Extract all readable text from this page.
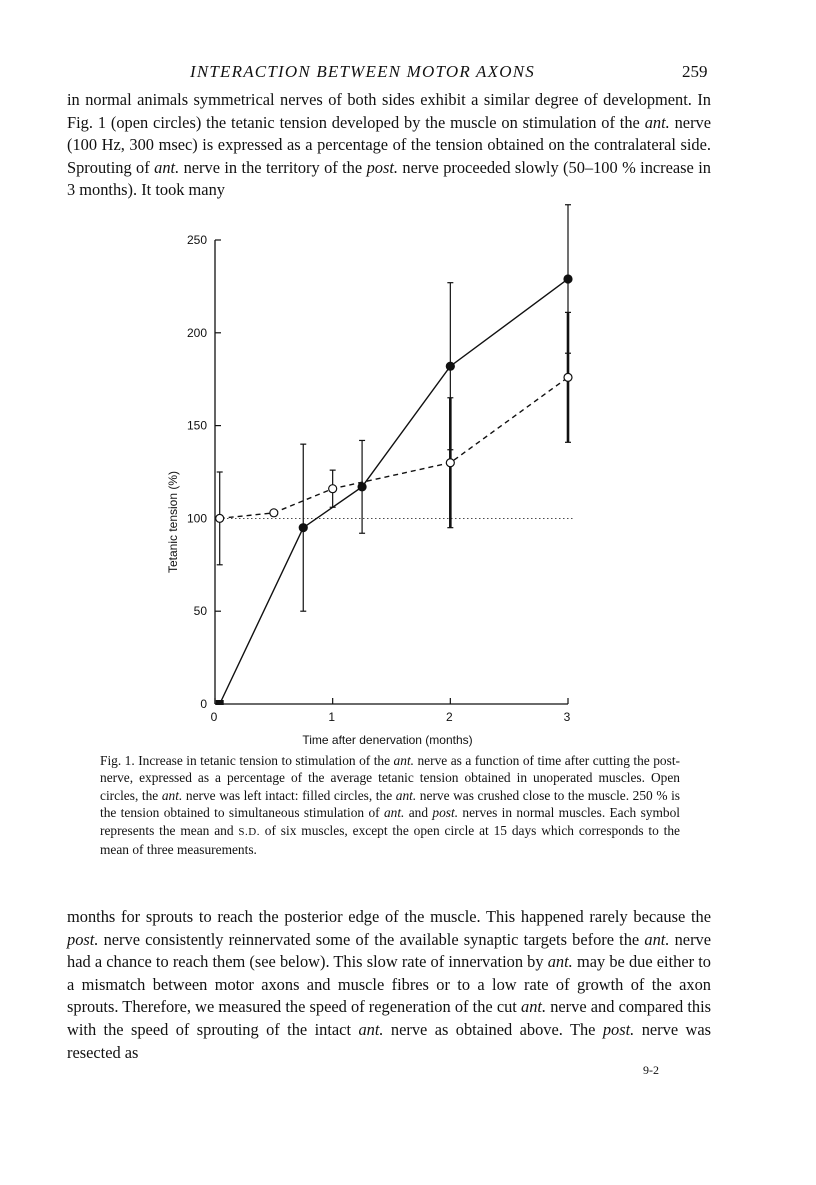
INTERACTION BETWEEN MOTOR AXONS	259

in normal animals symmetrical nerves of both sides exhibit a similar degree of development. In Fig. 1 (open circles) the tetanic tension developed by the muscle on stimulation of the ant. nerve (100 Hz, 300 msec) is expressed as a percentage of the tension obtained on the contralateral side. Sprouting of ant. nerve in the territory of the post. nerve proceeded slowly (50–100 % increase in 3 months). It took many

0
50
100
150
200
250
0	1	2	3
Time after denervation (months)
Tetanic tension (%)

Fig. 1. Increase in tetanic tension to stimulation of the ant. nerve as a function of time after cutting the post-nerve, expressed as a percentage of the average tetanic tension obtained in unoperated muscles. Open circles, the ant. nerve was left intact: filled circles, the ant. nerve was crushed close to the muscle. 250 % is the tension obtained to simultaneous stimulation of ant. and post. nerves in normal muscles. Each symbol represents the mean and S.D. of six muscles, except the open circle at 15 days which corresponds to the mean of three measurements.

months for sprouts to reach the posterior edge of the muscle. This happened rarely because the post. nerve consistently reinnervated some of the available synaptic targets before the ant. nerve had a chance to reach them (see below). This slow rate of innervation by ant. may be due either to a mismatch between motor axons and muscle fibres or to a low rate of growth of the axon sprouts. Therefore, we measured the speed of regeneration of the cut ant. nerve and compared this with the speed of sprouting of the intact ant. nerve as obtained above. The post. nerve was resected as

9-2
